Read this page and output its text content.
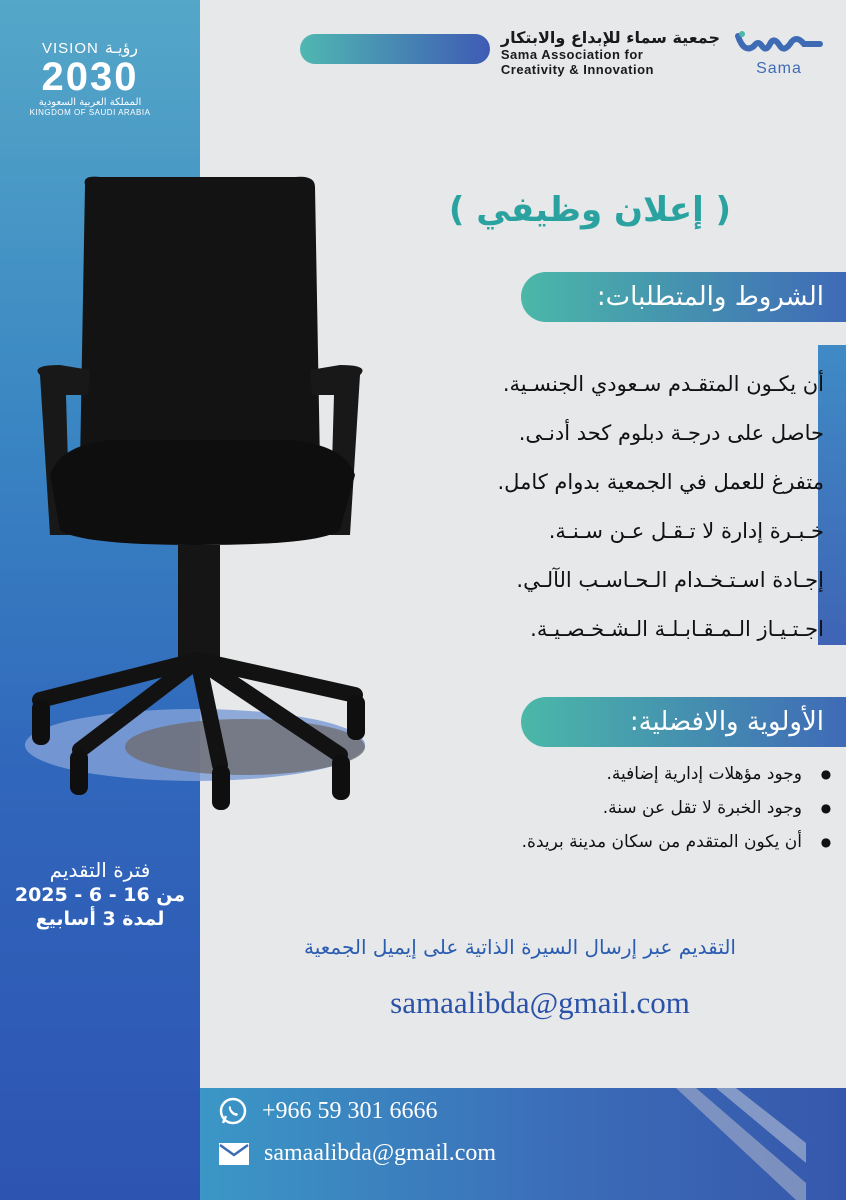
VISION رؤيـة
2030
المملكة العربية السعودية
KINGDOM OF SAUDI ARABIA
جمعية سماء للإبداع والابتكار
Sama Association for
Creativity & Innovation	Sama
( إعلان وظيفي )
الشروط والمتطلبات:
أن يكـون المتقـدم سـعودي الجنسـية.
حاصل على درجـة دبلوم كحد أدنـى.
متفرغ للعمل في الجمعية بدوام كامل.
خـبـرة إدارة لا تـقـل عـن سـنـة.
إجـادة اسـتـخـدام الـحـاسـب الآلـي.
اجـتـيـاز الـمـقـابـلـة الـشـخـصـيـة.
الأولوية والافضلية:
●
وجود مؤهلات إدارية إضافية.
●
وجود الخبرة لا تقل عن سنة.
●
أن يكون المتقدم من سكان مدينة بريدة.
فترة التقديم
من 16 - 6 - 2025
لمدة 3 أسابيع
التقديم عبر إرسال السيرة الذاتية على إيميل الجمعية
samaalibda@gmail.com
+966 59 301 6666
samaalibda@gmail.com
